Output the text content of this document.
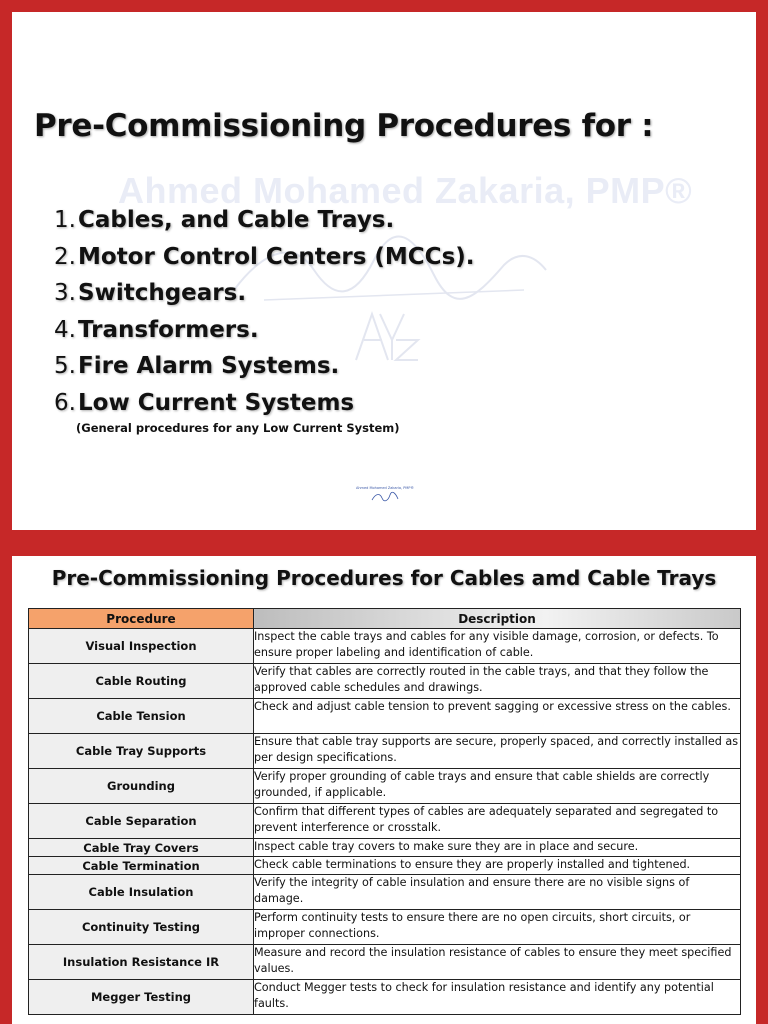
Ahmed Mohamed Zakaria, PMP®
Pre-Commissioning Procedures for :
1.Cables, and Cable Trays.
2.Motor Control Centers (MCCs).
3.Switchgears.
4.Transformers.
5.Fire Alarm Systems.
6.Low Current Systems
(General procedures for any Low Current System)
Ahmed Mohamed Zakaria, PMP®
Pre-Commissioning Procedures for Cables amd Cable Trays
Procedure	Description
Visual Inspection	Inspect the cable trays and cables for any visible damage, corrosion, or defects. To ensure proper labeling and identification of cable.
Cable Routing	Verify that cables are correctly routed in the cable trays, and that they follow the approved cable schedules and drawings.
Cable Tension	Check and adjust cable tension to prevent sagging or excessive stress on the cables.
Cable Tray Supports	Ensure that cable tray supports are secure, properly spaced, and correctly installed as per design specifications.
Grounding	Verify proper grounding of cable trays and ensure that cable shields are correctly grounded, if applicable.
Cable Separation	Confirm that different types of cables are adequately separated and segregated to prevent interference or crosstalk.
Cable Tray Covers	Inspect cable tray covers to make sure they are in place and secure.
Cable Termination	Check cable terminations to ensure they are properly installed and tightened.
Cable Insulation	Verify the integrity of cable insulation and ensure there are no visible signs of damage.
Continuity Testing	Perform continuity tests to ensure there are no open circuits, short circuits, or improper connections.
Insulation Resistance IR	Measure and record the insulation resistance of cables to ensure they meet specified values.
Megger Testing	Conduct Megger tests to check for insulation resistance and identify any potential faults.
